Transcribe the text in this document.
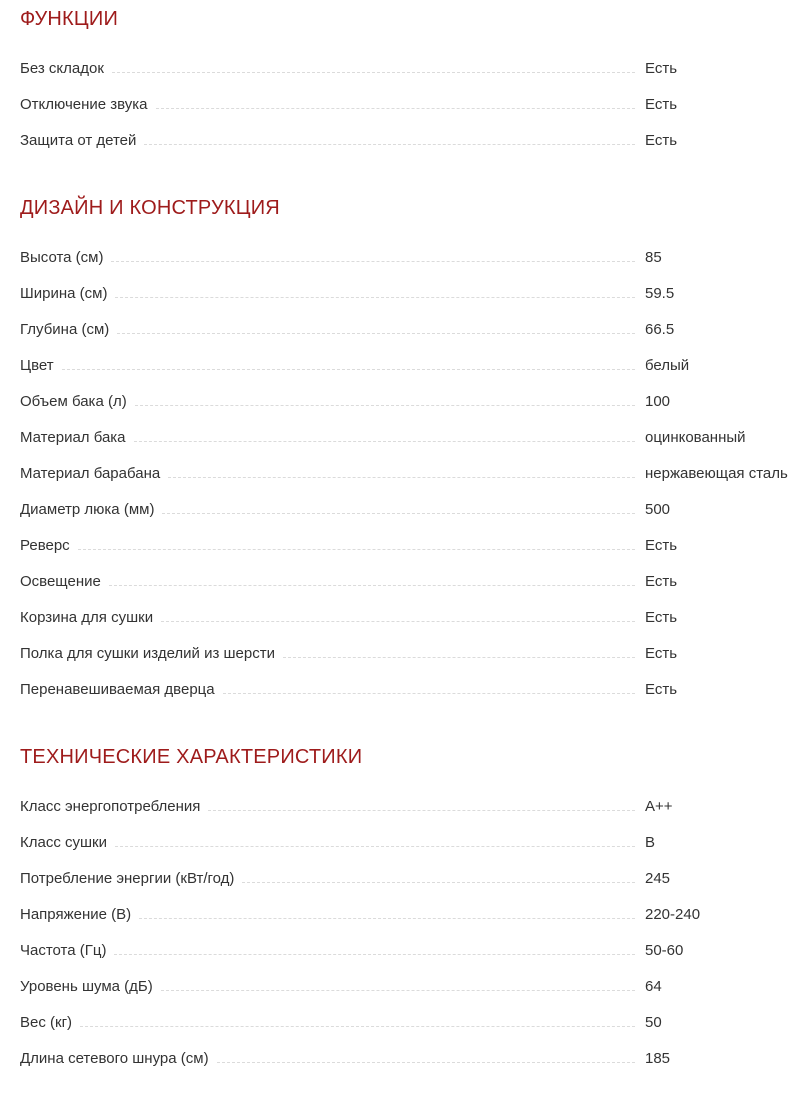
ФУНКЦИИ
Без складок	Есть
Отключение звука	Есть
Защита от детей	Есть
ДИЗАЙН И КОНСТРУКЦИЯ
Высота (см)	85
Ширина (см)	59.5
Глубина (см)	66.5
Цвет	белый
Объем бака (л)	100
Материал бака	оцинкованный
Материал барабана	нержавеющая сталь
Диаметр люка (мм)	500
Реверс	Есть
Освещение	Есть
Корзина для сушки	Есть
Полка для сушки изделий из шерсти	Есть
Перенавешиваемая дверца	Есть
ТЕХНИЧЕСКИЕ ХАРАКТЕРИСТИКИ
Класс энергопотребления	A++
Класс сушки	B
Потребление энергии (кВт/год)	245
Напряжение (В)	220-240
Частота (Гц)	50-60
Уровень шума (дБ)	64
Вес (кг)	50
Длина сетевого шнура (см)	185
